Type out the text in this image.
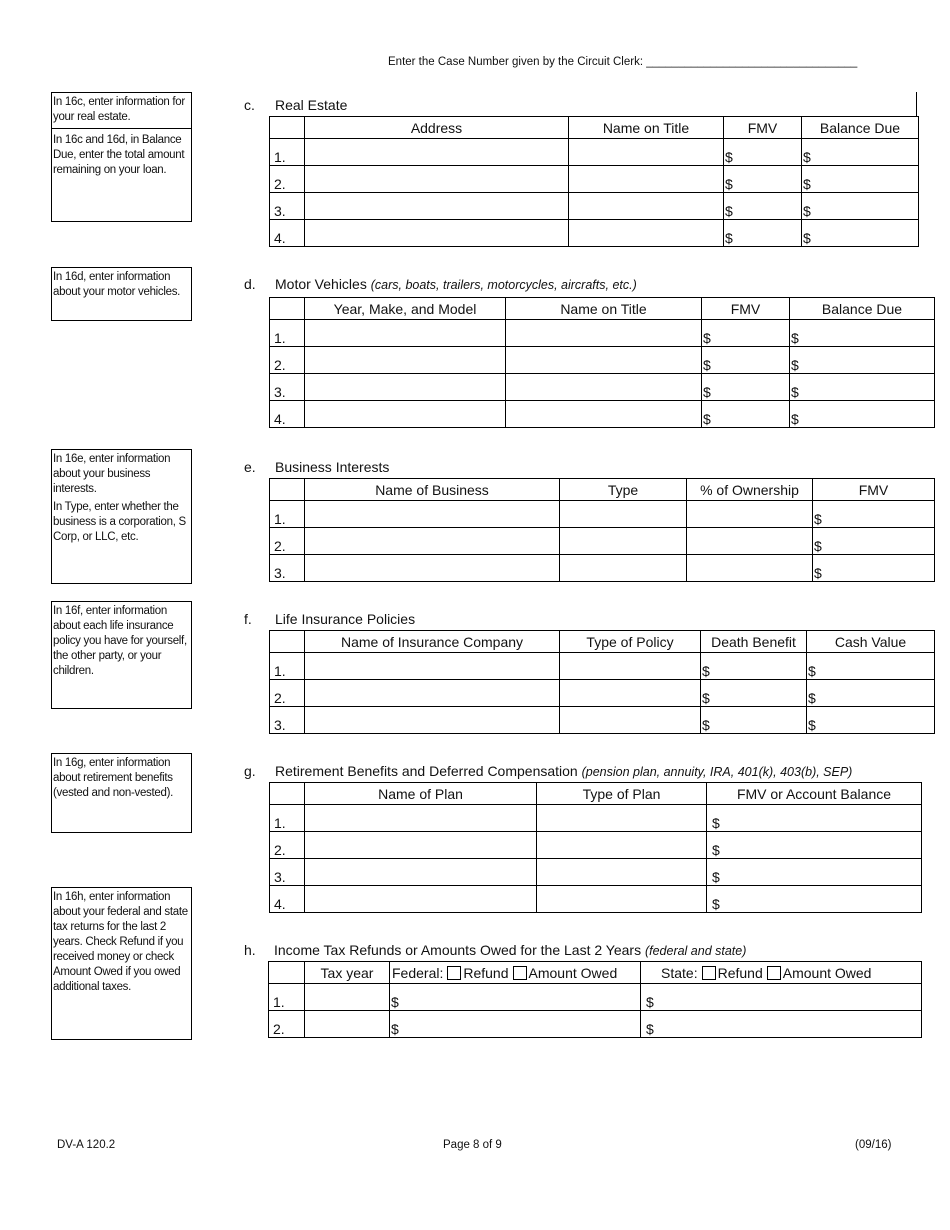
Enter the Case Number given by the Circuit Clerk: _________________________________
In 16c, enter information for your real estate.
In 16c and 16d, in Balance Due, enter the total amount remaining on your loan.
In 16d, enter information about your motor vehicles.
In 16e, enter information about your business interests.
In Type, enter whether the business is a corporation, S Corp, or LLC, etc.
In 16f, enter information about each life insurance policy you have for yourself, the other party, or your children.
In 16g, enter information about retirement benefits (vested and non-vested).
In 16h, enter information about your federal and state tax returns for the last 2 years. Check Refund if you received money or check Amount Owed if you owed additional taxes.
c. Real Estate
	Address	Name on Title	FMV	Balance Due
1.			$	$
2.			$	$
3.			$	$
4.			$	$
d. Motor Vehicles (cars, boats, trailers, motorcycles, aircrafts, etc.)
	Year, Make, and Model	Name on Title	FMV	Balance Due
1.			$	$
2.			$	$
3.			$	$
4.			$	$
e. Business Interests
	Name of Business	Type	% of Ownership	FMV
1.				$
2.				$
3.				$
f. Life Insurance Policies
	Name of Insurance Company	Type of Policy	Death Benefit	Cash Value
1.			$	$
2.			$	$
3.			$	$
g. Retirement Benefits and Deferred Compensation (pension plan, annuity, IRA, 401(k), 403(b), SEP)
	Name of Plan	Type of Plan	FMV or Account Balance
1.			$
2.			$
3.			$
4.			$
h. Income Tax Refunds or Amounts Owed for the Last 2 Years (federal and state)
	Tax year	Federal: Refund Amount Owed	State: Refund Amount Owed
1.		$	$
2.		$	$
DV-A 120.2	Page 8 of 9	(09/16)
